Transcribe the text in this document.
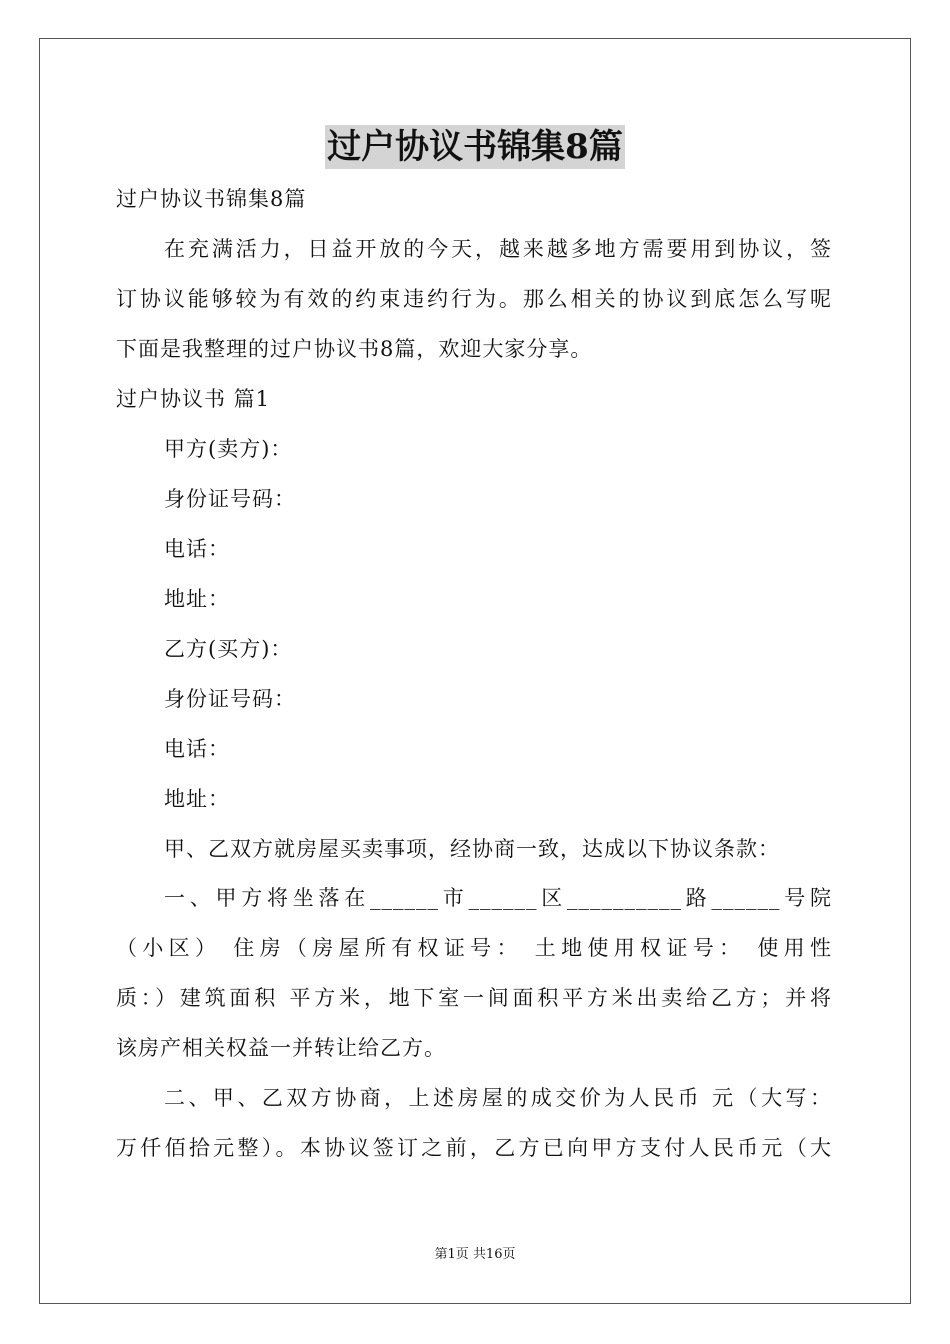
过户协议书锦集8篇
过户协议书锦集8篇
在充满活力，日益开放的今天，越来越多地方需要用到协议，签
订协议能够较为有效的约束违约行为。那么相关的协议到底怎么写呢
下面是我整理的过户协议书8篇，欢迎大家分享。
过户协议书 篇1
甲方(卖方)：
身份证号码：
电话：
地址：
乙方(买方)：
身份证号码：
电话：
地址：
甲、乙双方就房屋买卖事项，经协商一致，达成以下协议条款：
一、甲方将坐落在______市______区__________路______号院
（小区） 住房（房屋所有权证号： 土地使用权证号： 使用性
质：）建筑面积 平方米，地下室一间面积平方米出卖给乙方；并将
该房产相关权益一并转让给乙方。
二、甲、乙双方协商，上述房屋的成交价为人民币 元（大写：
万仟佰拾元整）。本协议签订之前，乙方已向甲方支付人民币元（大
第1页 共16页
